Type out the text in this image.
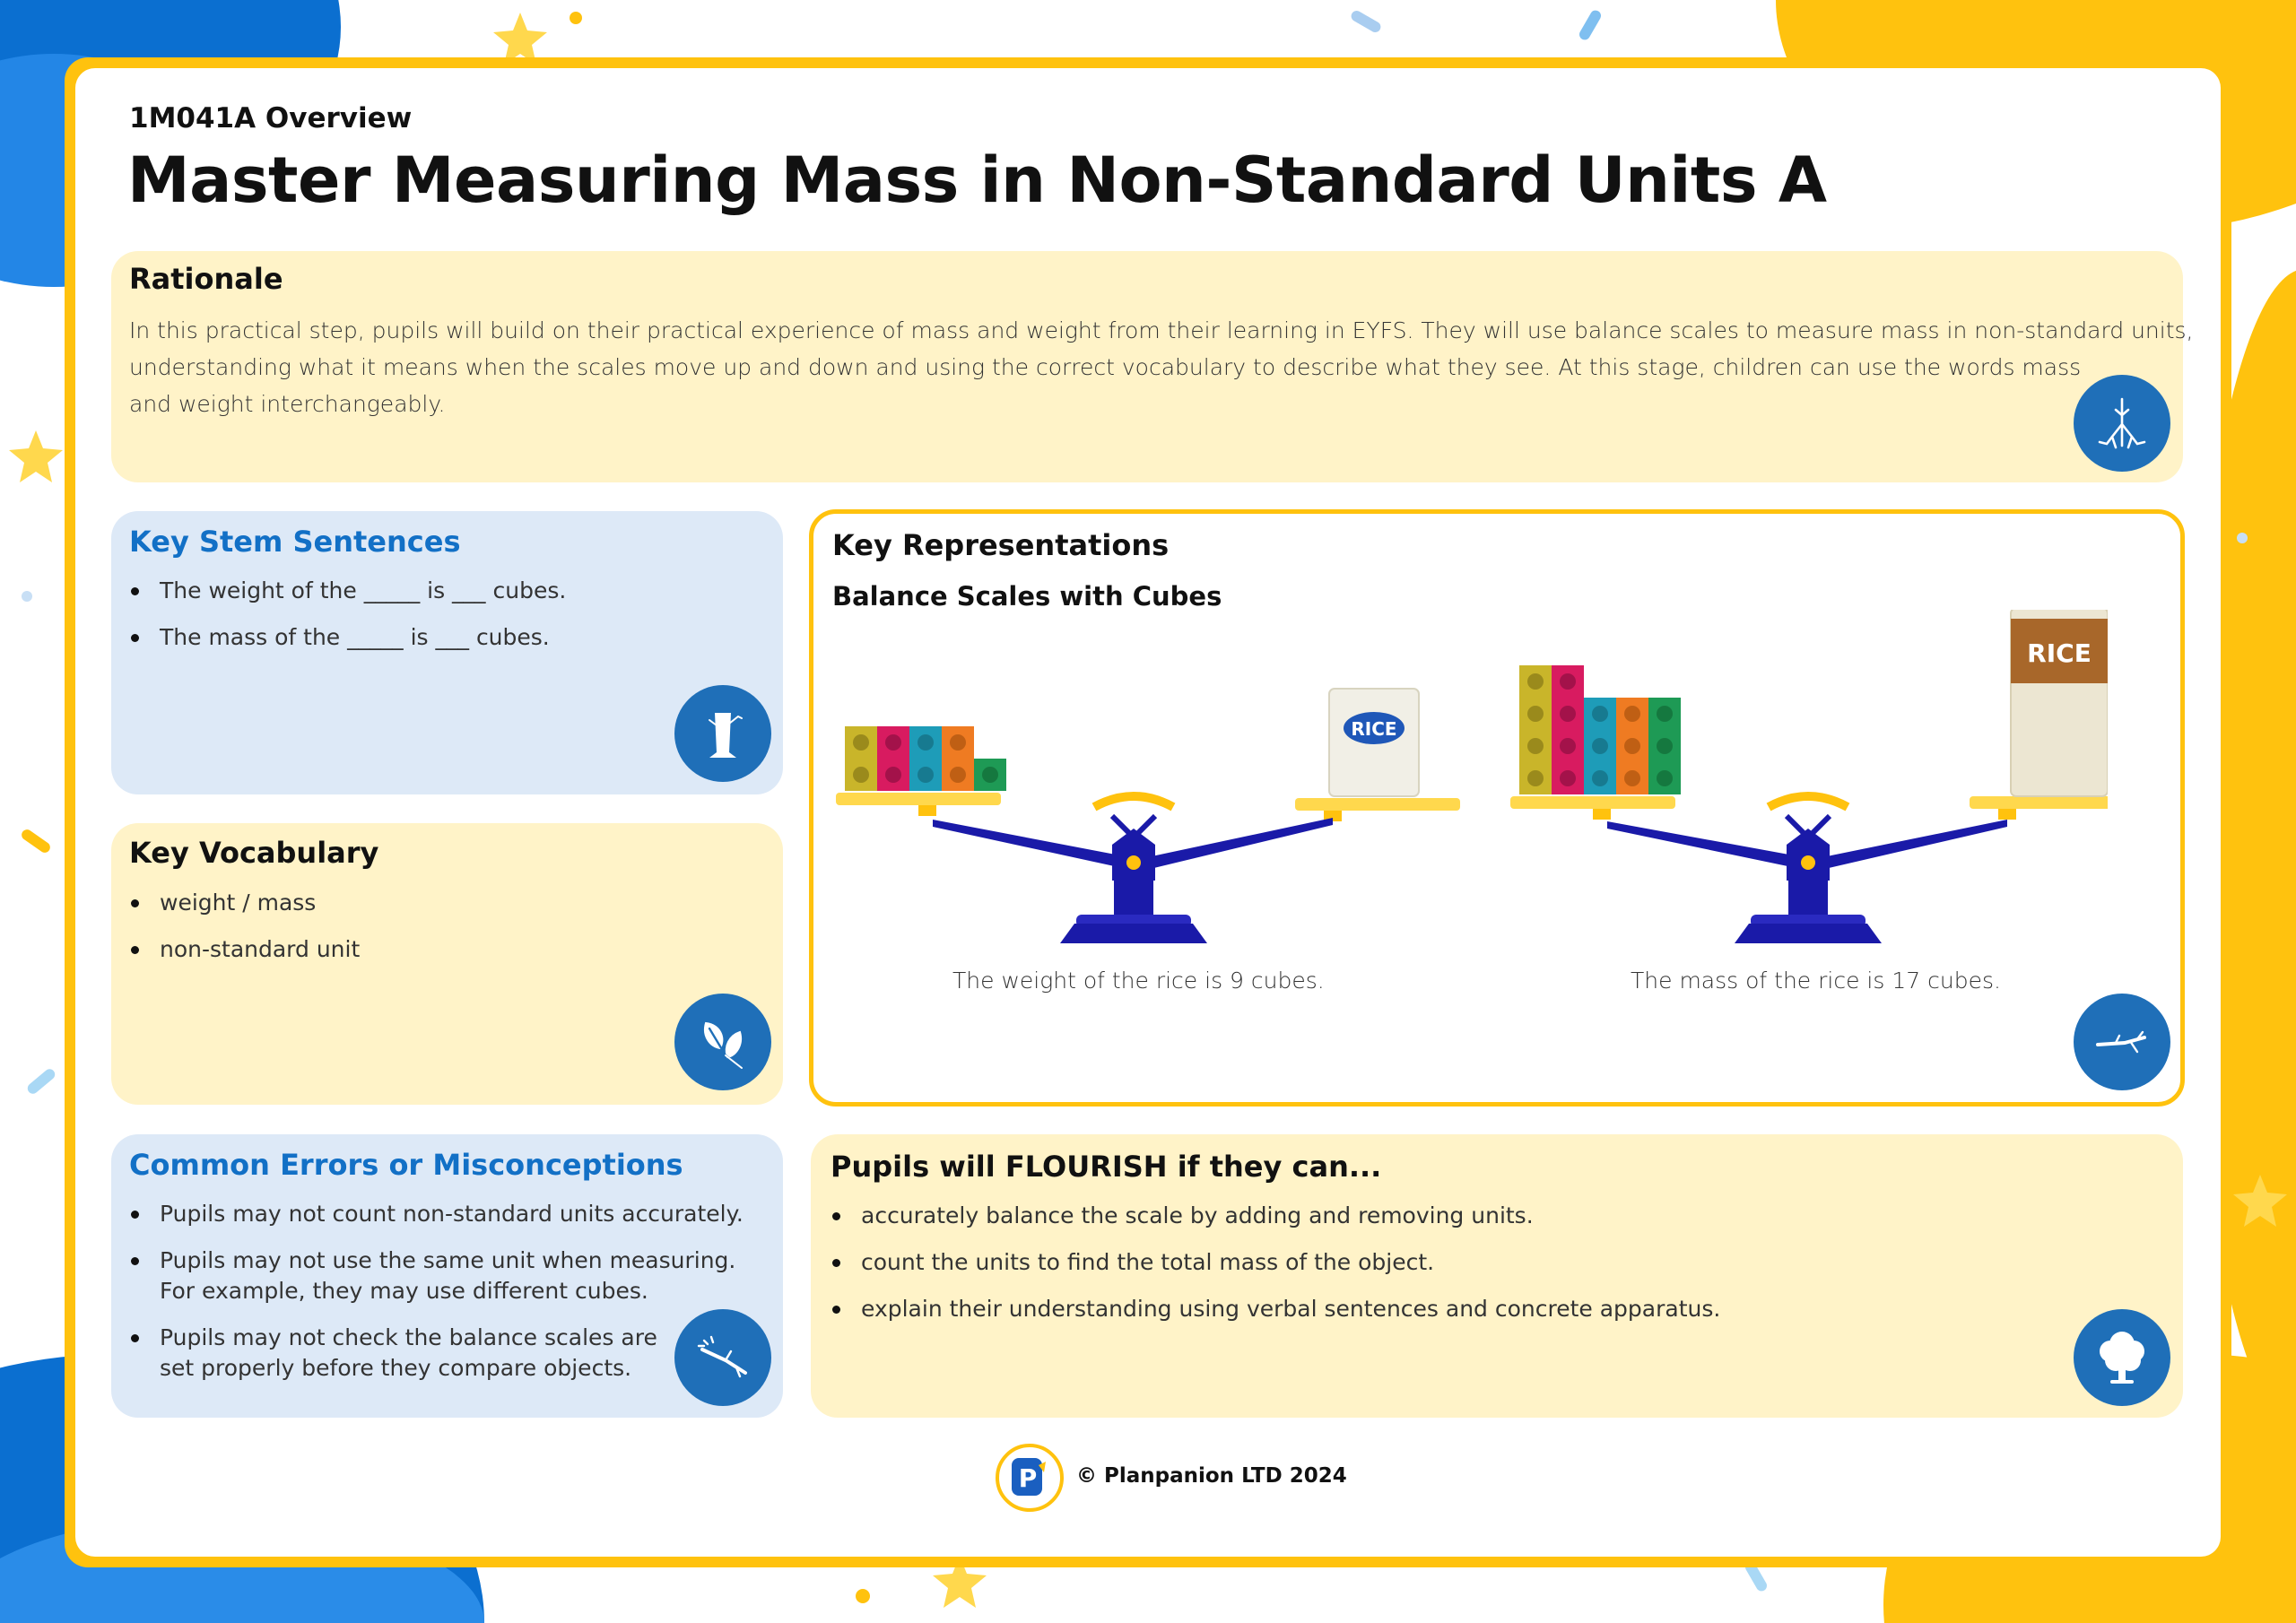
1M041A Overview
Master Measuring Mass in Non-Standard Units A
Rationale
In this practical step, pupils will build on their practical experience of mass and weight from their learning in EYFS. They will use balance scales to measure mass in non-standard units,
understanding what it means when the scales move up and down and using the correct vocabulary to describe what they see. At this stage, children can use the words mass
and weight interchangeably.
Key Stem Sentences
The weight of the _____ is ___ cubes.
The mass of the _____ is ___ cubes.
Key Vocabulary
weight / mass
non-standard unit
Common Errors or Misconceptions
Pupils may not count non-standard units accurately.
Pupils may not use the same unit when measuring.
For example, they may use different cubes.
Pupils may not check the balance scales are
set properly before they compare objects.
Key Representations
Balance Scales with Cubes
RICE
RICE
The weight of the rice is 9 cubes.	The mass of the rice is 17 cubes.
Pupils will FLOURISH if they can...
accurately balance the scale by adding and removing units.
count the units to find the total mass of the object.
explain their understanding using verbal sentences and concrete apparatus.
P © Planpanion LTD 2024
